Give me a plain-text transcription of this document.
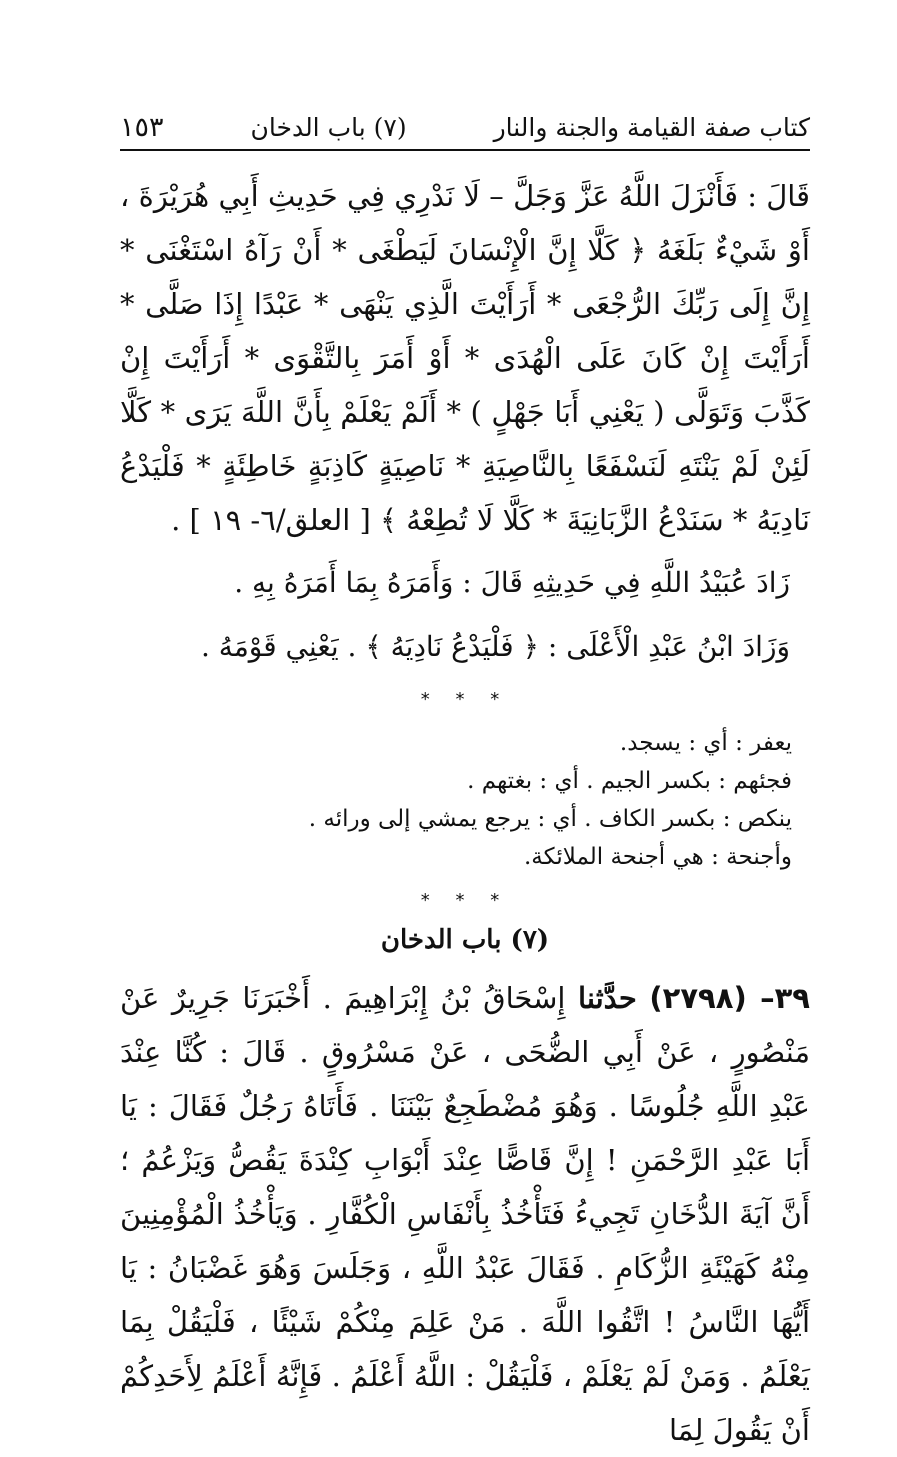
كتاب صفة القيامة والجنة والنار
(٧) باب الدخان
١٥٣

قَالَ : فَأَنْزَلَ اللَّهُ عَزَّ وَجَلَّ – لَا نَدْرِي فِي حَدِيثِ أَبِي هُرَيْرَةَ ، أَوْ شَيْءٌ بَلَغَهُ ﴿ كَلَّا إِنَّ الْإِنْسَانَ لَيَطْغَى * أَنْ رَآهُ اسْتَغْنَى * إِنَّ إِلَى رَبِّكَ الرُّجْعَى * أَرَأَيْتَ الَّذِي يَنْهَى * عَبْدًا إِذَا صَلَّى * أَرَأَيْتَ إِنْ كَانَ عَلَى الْهُدَى * أَوْ أَمَرَ بِالتَّقْوَى * أَرَأَيْتَ إِنْ كَذَّبَ وَتَوَلَّى ( يَعْنِي أَبَا جَهْلٍ ) * أَلَمْ يَعْلَمْ بِأَنَّ اللَّهَ يَرَى * كَلَّا لَئِنْ لَمْ يَنْتَهِ لَنَسْفَعًا بِالنَّاصِيَةِ * نَاصِيَةٍ كَاذِبَةٍ خَاطِئَةٍ * فَلْيَدْعُ نَادِيَهُ * سَنَدْعُ الزَّبَانِيَةَ * كَلَّا لَا تُطِعْهُ ﴾ [ العلق/٦- ١٩ ] .

زَادَ عُبَيْدُ اللَّهِ فِي حَدِيثِهِ قَالَ : وَأَمَرَهُ بِمَا أَمَرَهُ بِهِ .

وَزَادَ ابْنُ عَبْدِ الْأَعْلَى : ﴿ فَلْيَدْعُ نَادِيَهُ ﴾ . يَعْنِي قَوْمَهُ .

* * *
يعفر : أي : يسجد.
فجئهم : بكسر الجيم . أي : بغتهم .
ينكص : بكسر الكاف . أي : يرجع يمشي إلى ورائه .
وأجنحة : هي أجنحة الملائكة.
* * *
(٧) باب الدخان

٣٩– (٢٧٩٨) حدَّثنا إِسْحَاقُ بْنُ إِبْرَاهِيمَ . أَخْبَرَنَا جَرِيرٌ عَنْ مَنْصُورٍ ، عَنْ أَبِي الضُّحَى ، عَنْ مَسْرُوقٍ . قَالَ : كُنَّا عِنْدَ عَبْدِ اللَّهِ جُلُوسًا . وَهُوَ مُضْطَجِعٌ بَيْنَنَا . فَأَتَاهُ رَجُلٌ فَقَالَ : يَا أَبَا عَبْدِ الرَّحْمَنِ ! إِنَّ قَاصًّا عِنْدَ أَبْوَابِ كِنْدَةَ يَقُصُّ وَيَزْعُمُ ؛ أَنَّ آيَةَ الدُّخَانِ تَجِيءُ فَتَأْخُذُ بِأَنْفَاسِ الْكُفَّارِ . وَيَأْخُذُ الْمُؤْمِنِينَ مِنْهُ كَهَيْئَةِ الزُّكَامِ . فَقَالَ عَبْدُ اللَّهِ ، وَجَلَسَ وَهُوَ غَضْبَانُ : يَا أَيُّهَا النَّاسُ ! اتَّقُوا اللَّهَ . مَنْ عَلِمَ مِنْكُمْ شَيْئًا ، فَلْيَقُلْ بِمَا يَعْلَمُ . وَمَنْ لَمْ يَعْلَمْ ، فَلْيَقُلْ : اللَّهُ أَعْلَمُ . فَإِنَّهُ أَعْلَمُ لِأَحَدِكُمْ أَنْ يَقُولَ لِمَا
